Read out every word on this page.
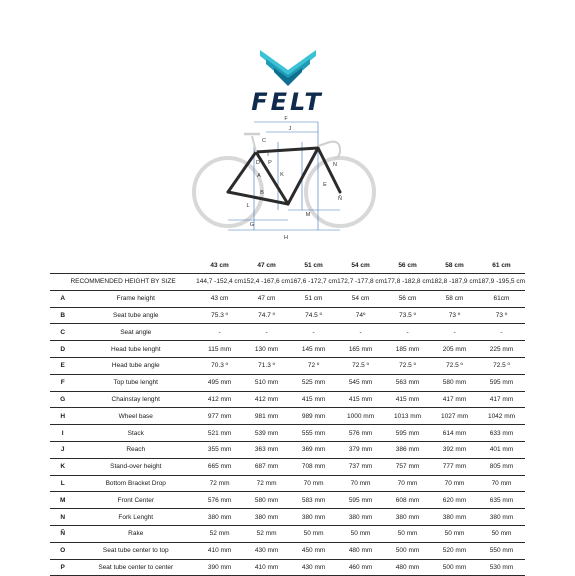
FELT
F
J
C
I
D P
A
B
K
N
E
L
G
M
Ñ
H
		43 cm	47 cm	51 cm	54 cm	56 cm	58 cm	61 cm
RECOMMENDED HEIGHT BY SIZE		144,7 -152,4 cm	152,4 -167,6 cm	167,6 -172,7 cm	172,7 -177,8 cm	177,8 -182,8 cm	182,8 -187,9 cm	187,9 -195,5 cm
A	Frame height	43 cm	47 cm	51 cm	54 cm	56 cm	58 cm	61cm
B	Seat tube angle	75.3 º	74.7 º	74.5 º	74º	73.5 º	73 º	73 º
C	Seat angle	-	-	-	-	-	-	-
D	Head tube lenght	115 mm	130 mm	145 mm	165 mm	185 mm	205 mm	225 mm
E	Head tube angle	70.3 º	71.3 º	72 º	72.5 º	72.5 º	72.5 º	72.5 º
F	Top tube lenght	495 mm	510 mm	525 mm	545 mm	563 mm	580 mm	595 mm
G	Chainstay lenght	412 mm	412 mm	415 mm	415 mm	415 mm	417 mm	417 mm
H	Wheel base	977 mm	981 mm	989 mm	1000 mm	1013 mm	1027 mm	1042 mm
I	Stack	521 mm	539 mm	555 mm	576 mm	595 mm	614 mm	633 mm
J	Reach	355 mm	363 mm	369 mm	379 mm	386 mm	392 mm	401 mm
K	Stand-over height	665 mm	687 mm	708 mm	737 mm	757 mm	777 mm	805 mm
L	Bottom Bracket Drop	72 mm	72 mm	70 mm	70 mm	70 mm	70 mm	70 mm
M	Front Center	576 mm	580 mm	583 mm	595 mm	608 mm	620 mm	635 mm
N	Fork Lenght	380 mm	380 mm	380 mm	380 mm	380 mm	380 mm	380 mm
Ñ	Rake	52 mm	52 mm	50 mm	50 mm	50 mm	50 mm	50 mm
O	Seat tube center to top	410 mm	430 mm	450 mm	480 mm	500 mm	520 mm	550 mm
P	Seat tube center to center	390 mm	410 mm	430 mm	460 mm	480 mm	500 mm	530 mm
